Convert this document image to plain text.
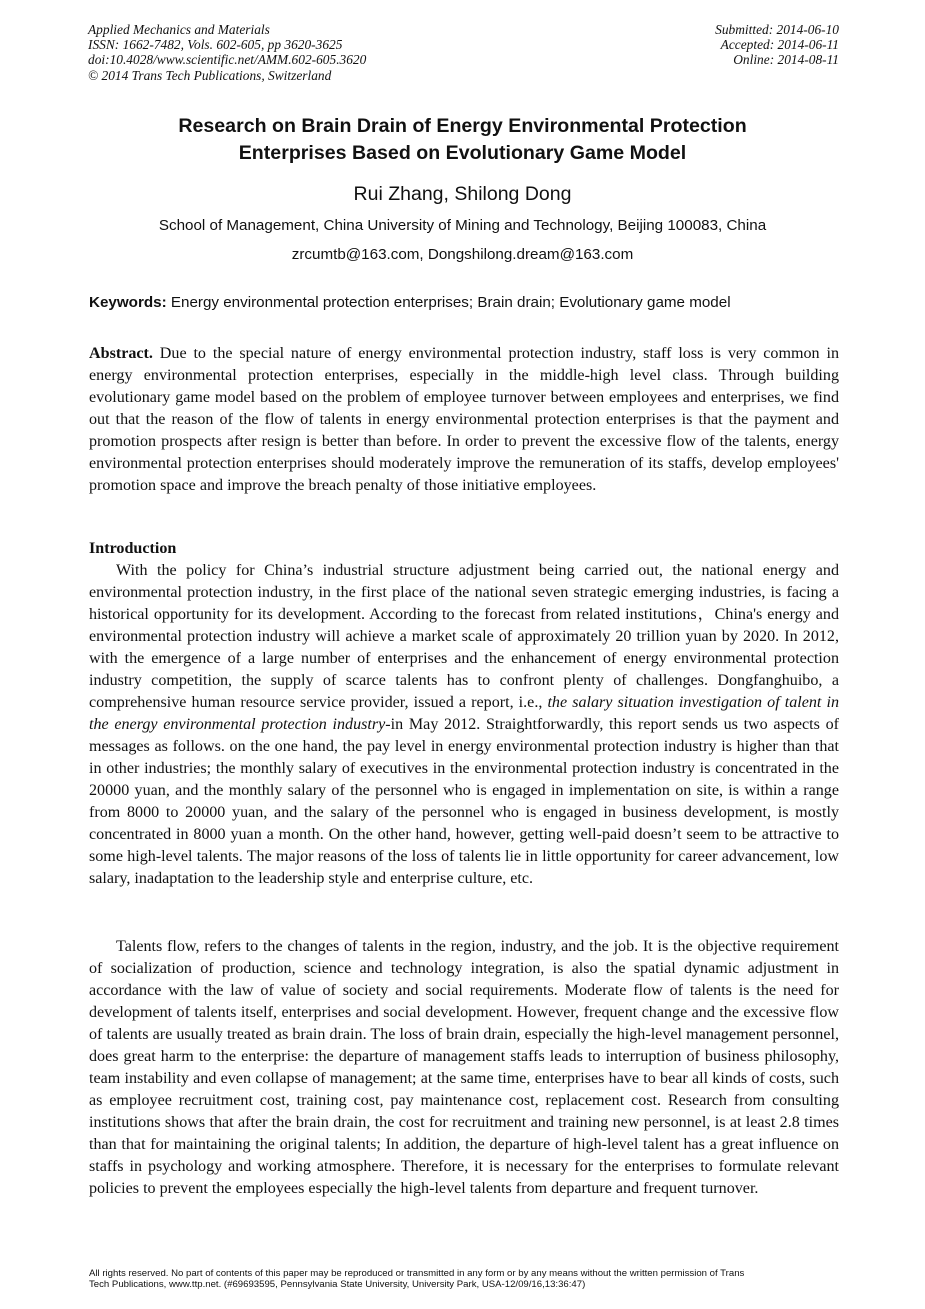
Applied Mechanics and Materials
ISSN: 1662-7482, Vols. 602-605, pp 3620-3625
doi:10.4028/www.scientific.net/AMM.602-605.3620
© 2014 Trans Tech Publications, Switzerland
Submitted: 2014-06-10
Accepted: 2014-06-11
Online: 2014-08-11
Research on Brain Drain of Energy Environmental Protection
Enterprises Based on Evolutionary Game Model
Rui Zhang, Shilong Dong
School of Management, China University of Mining and Technology, Beijing 100083, China
zrcumtb@163.com, Dongshilong.dream@163.com
Keywords: Energy environmental protection enterprises; Brain drain; Evolutionary game model

Abstract. Due to the special nature of energy environmental protection industry, staff loss is very common in energy environmental protection enterprises, especially in the middle-high level class. Through building evolutionary game model based on the problem of employee turnover between employees and enterprises, we find out that the reason of the flow of talents in energy environmental protection enterprises is that the payment and promotion prospects after resign is better than before. In order to prevent the excessive flow of the talents, energy environmental protection enterprises should moderately improve the remuneration of its staffs, develop employees' promotion space and improve the breach penalty of those initiative employees.

Introduction

With the policy for China’s industrial structure adjustment being carried out, the national energy and environmental protection industry, in the first place of the national seven strategic emerging industries, is facing a historical opportunity for its development. According to the forecast from related institutions，China's energy and environmental protection industry will achieve a market scale of approximately 20 trillion yuan by 2020. In 2012, with the emergence of a large number of enterprises and the enhancement of energy environmental protection industry competition, the supply of scarce talents has to confront plenty of challenges. Dongfanghuibo, a comprehensive human resource service provider, issued a report, i.e., the salary situation investigation of talent in the energy environmental protection industry-in May 2012. Straightforwardly, this report sends us two aspects of messages as follows. on the one hand, the pay level in energy environmental protection industry is higher than that in other industries; the monthly salary of executives in the environmental protection industry is concentrated in the 20000 yuan, and the monthly salary of the personnel who is engaged in implementation on site, is within a range from 8000 to 20000 yuan, and the salary of the personnel who is engaged in business development, is mostly concentrated in 8000 yuan a month. On the other hand, however, getting well-paid doesn’t seem to be attractive to some high-level talents. The major reasons of the loss of talents lie in little opportunity for career advancement, low salary, inadaptation to the leadership style and enterprise culture, etc.

Talents flow, refers to the changes of talents in the region, industry, and the job. It is the objective requirement of socialization of production, science and technology integration, is also the spatial dynamic adjustment in accordance with the law of value of society and social requirements. Moderate flow of talents is the need for development of talents itself, enterprises and social development. However, frequent change and the excessive flow of talents are usually treated as brain drain. The loss of brain drain, especially the high-level management personnel, does great harm to the enterprise: the departure of management staffs leads to interruption of business philosophy, team instability and even collapse of management; at the same time, enterprises have to bear all kinds of costs, such as employee recruitment cost, training cost, pay maintenance cost, replacement cost. Research from consulting institutions shows that after the brain drain, the cost for recruitment and training new personnel, is at least 2.8 times than that for maintaining the original talents; In addition, the departure of high-level talent has a great influence on staffs in psychology and working atmosphere. Therefore, it is necessary for the enterprises to formulate relevant policies to prevent the employees especially the high-level talents from departure and frequent turnover.

All rights reserved. No part of contents of this paper may be reproduced or transmitted in any form or by any means without the written permission of Trans
Tech Publications, www.ttp.net. (#69693595, Pennsylvania State University, University Park, USA-12/09/16,13:36:47)
